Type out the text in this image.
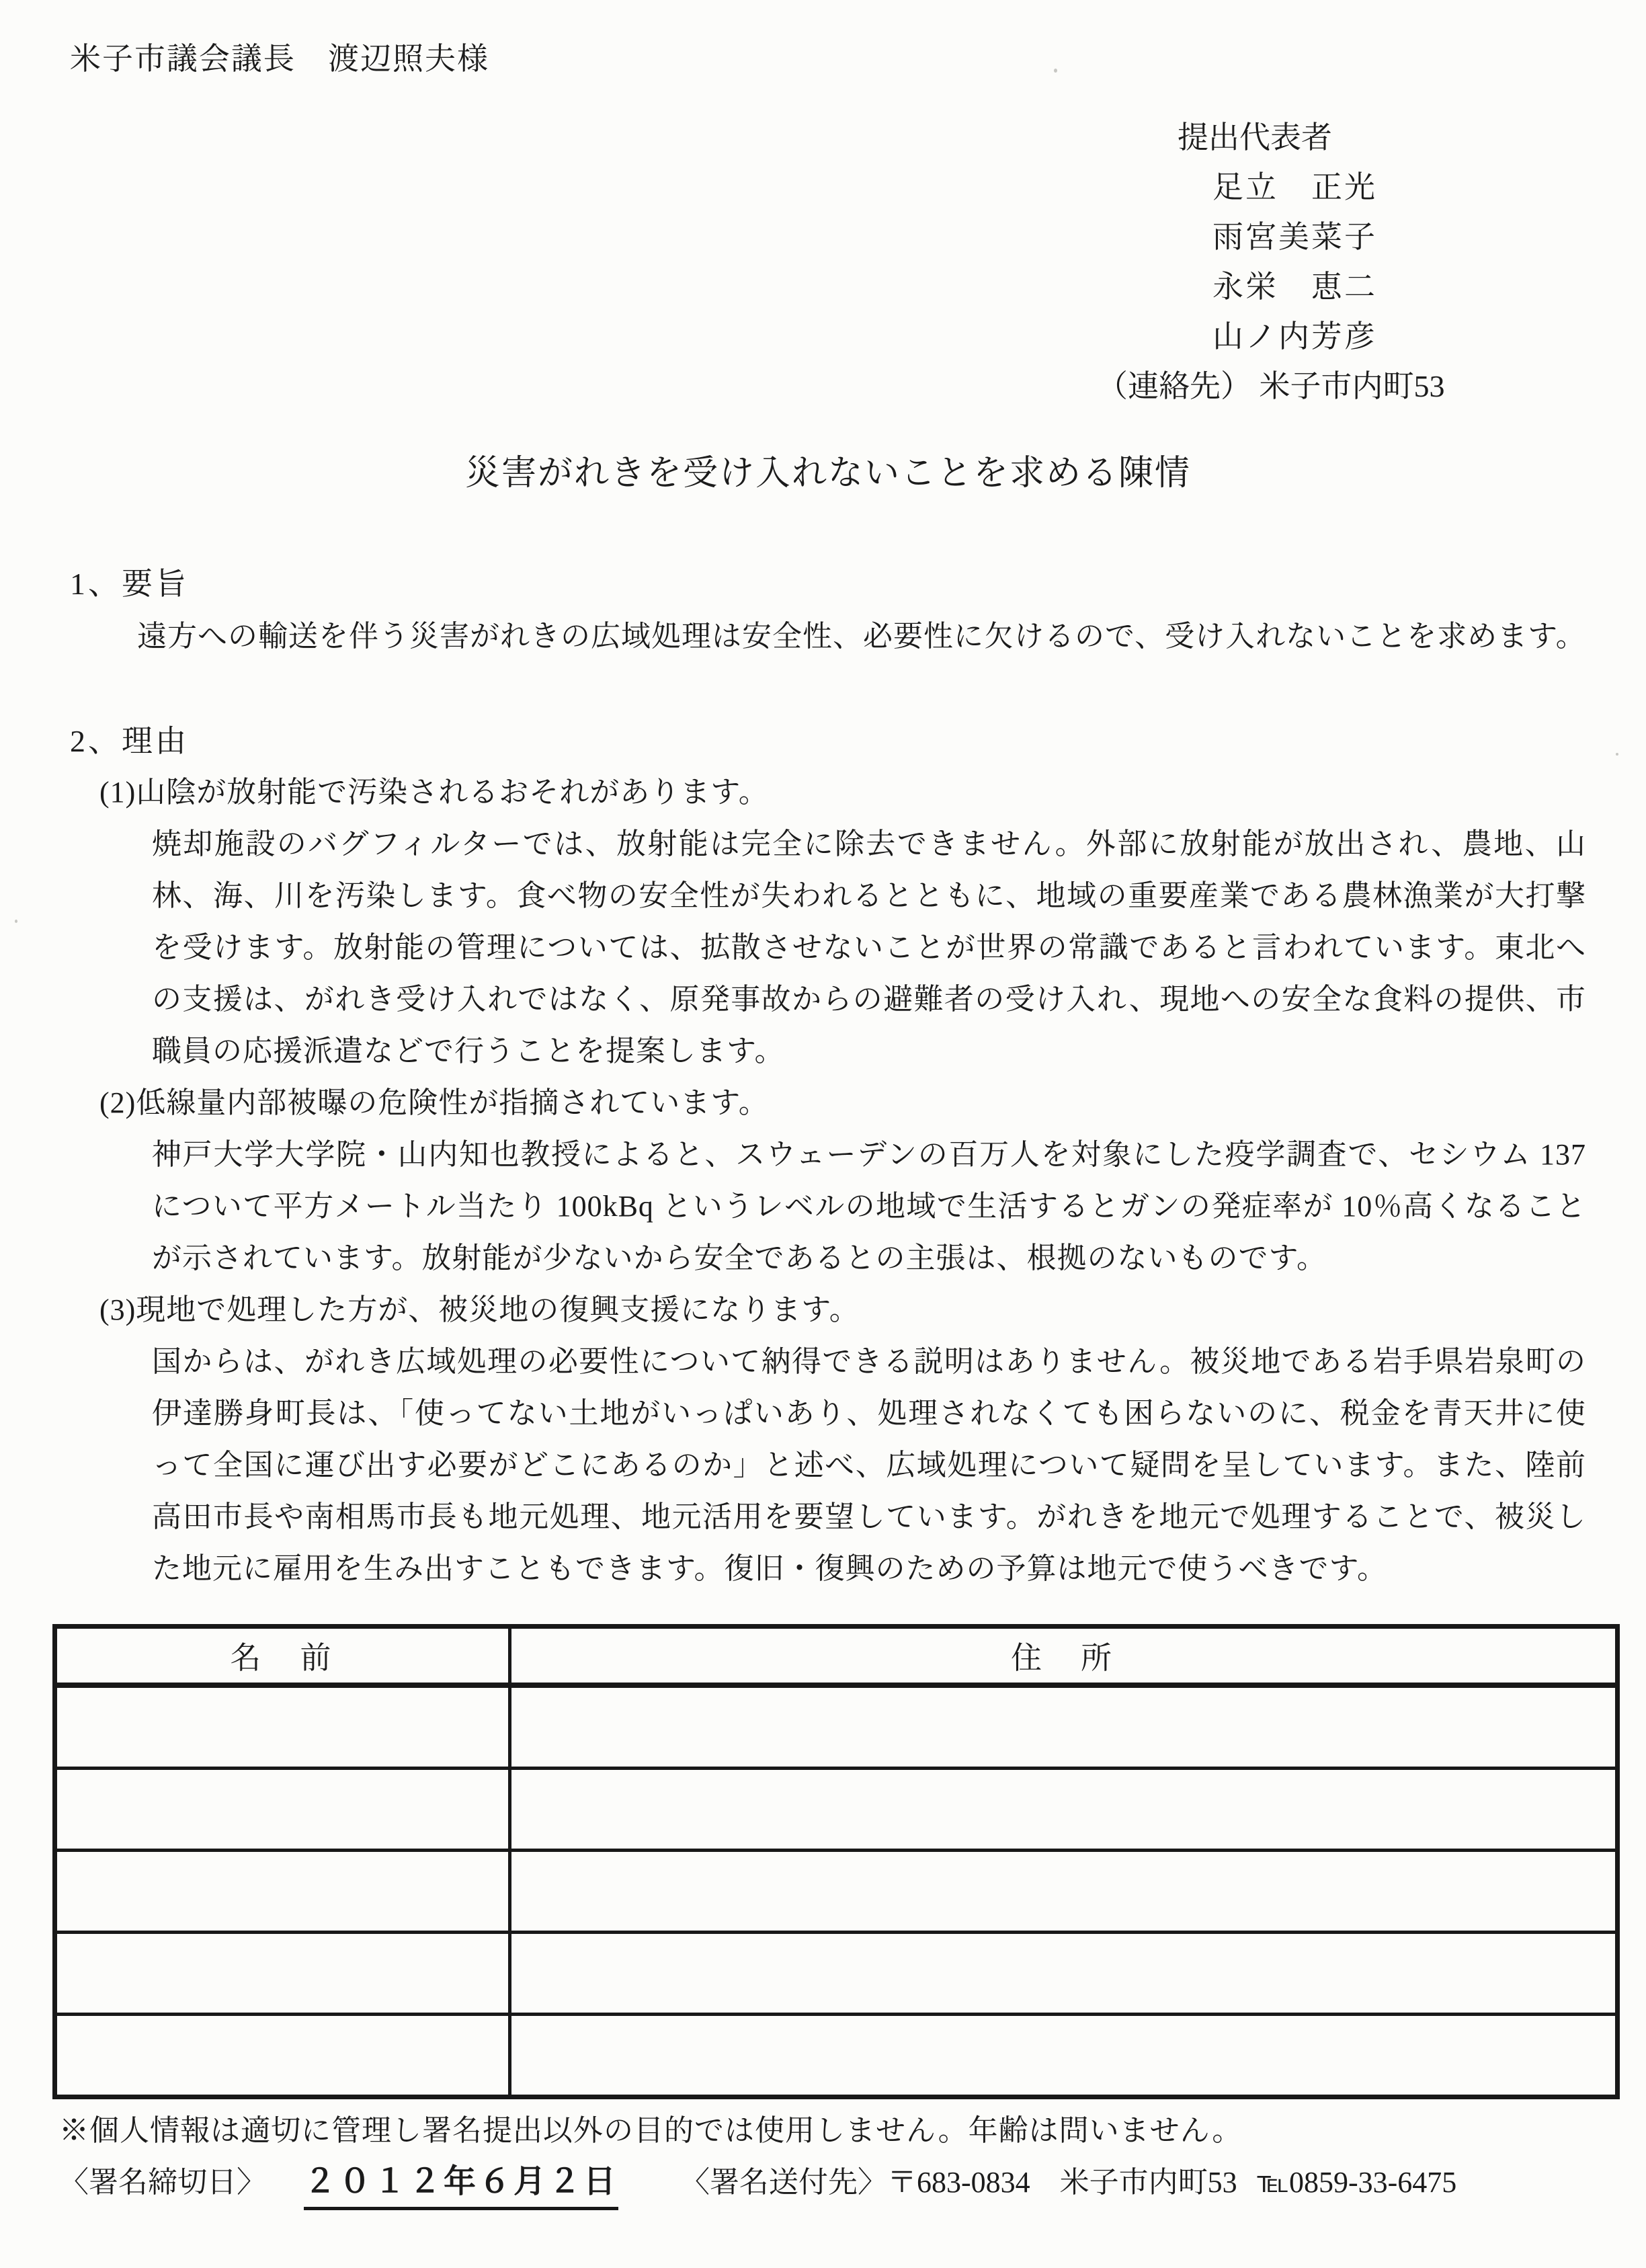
米子市議会議長　渡辺照夫様
提出代表者
足立　正光
雨宮美菜子
永栄　恵二
山ノ内芳彦
（連絡先） 米子市内町53
災害がれきを受け入れないことを求める陳情
1、要旨
遠方への輸送を伴う災害がれきの広域処理は安全性、必要性に欠けるので、受け入れないことを求めます。
2、理由
(1)山陰が放射能で汚染されるおそれがあります。
焼却施設のバグフィルターでは、放射能は完全に除去できません。外部に放射能が放出され、農地、山林、海、川を汚染します。食べ物の安全性が失われるとともに、地域の重要産業である農林漁業が大打撃を受けます。放射能の管理については、拡散させないことが世界の常識であると言われています。東北への支援は、がれき受け入れではなく、原発事故からの避難者の受け入れ、現地への安全な食料の提供、市職員の応援派遣などで行うことを提案します。
(2)低線量内部被曝の危険性が指摘されています。
神戸大学大学院・山内知也教授によると、スウェーデンの百万人を対象にした疫学調査で、セシウム 137 について平方メートル当たり 100kBq というレベルの地域で生活するとガンの発症率が 10％高くなることが示されています。放射能が少ないから安全であるとの主張は、根拠のないものです。
(3)現地で処理した方が、被災地の復興支援になります。
国からは、がれき広域処理の必要性について納得できる説明はありません。被災地である岩手県岩泉町の伊達勝身町長は、「使ってない土地がいっぱいあり、処理されなくても困らないのに、税金を青天井に使って全国に運び出す必要がどこにあるのか」と述べ、広域処理について疑問を呈しています。また、陸前高田市長や南相馬市長も地元処理、地元活用を要望しています。がれきを地元で処理することで、被災した地元に雇用を生み出すこともできます。復旧・復興のための予算は地元で使うべきです。
名　前	住　所

※個人情報は適切に管理し署名提出以外の目的では使用しません。年齢は問いません。
〈署名締切日〉 ２０１２年６月２日 〈署名送付先〉〒683-0834　米子市内町53 ℡0859-33-6475
